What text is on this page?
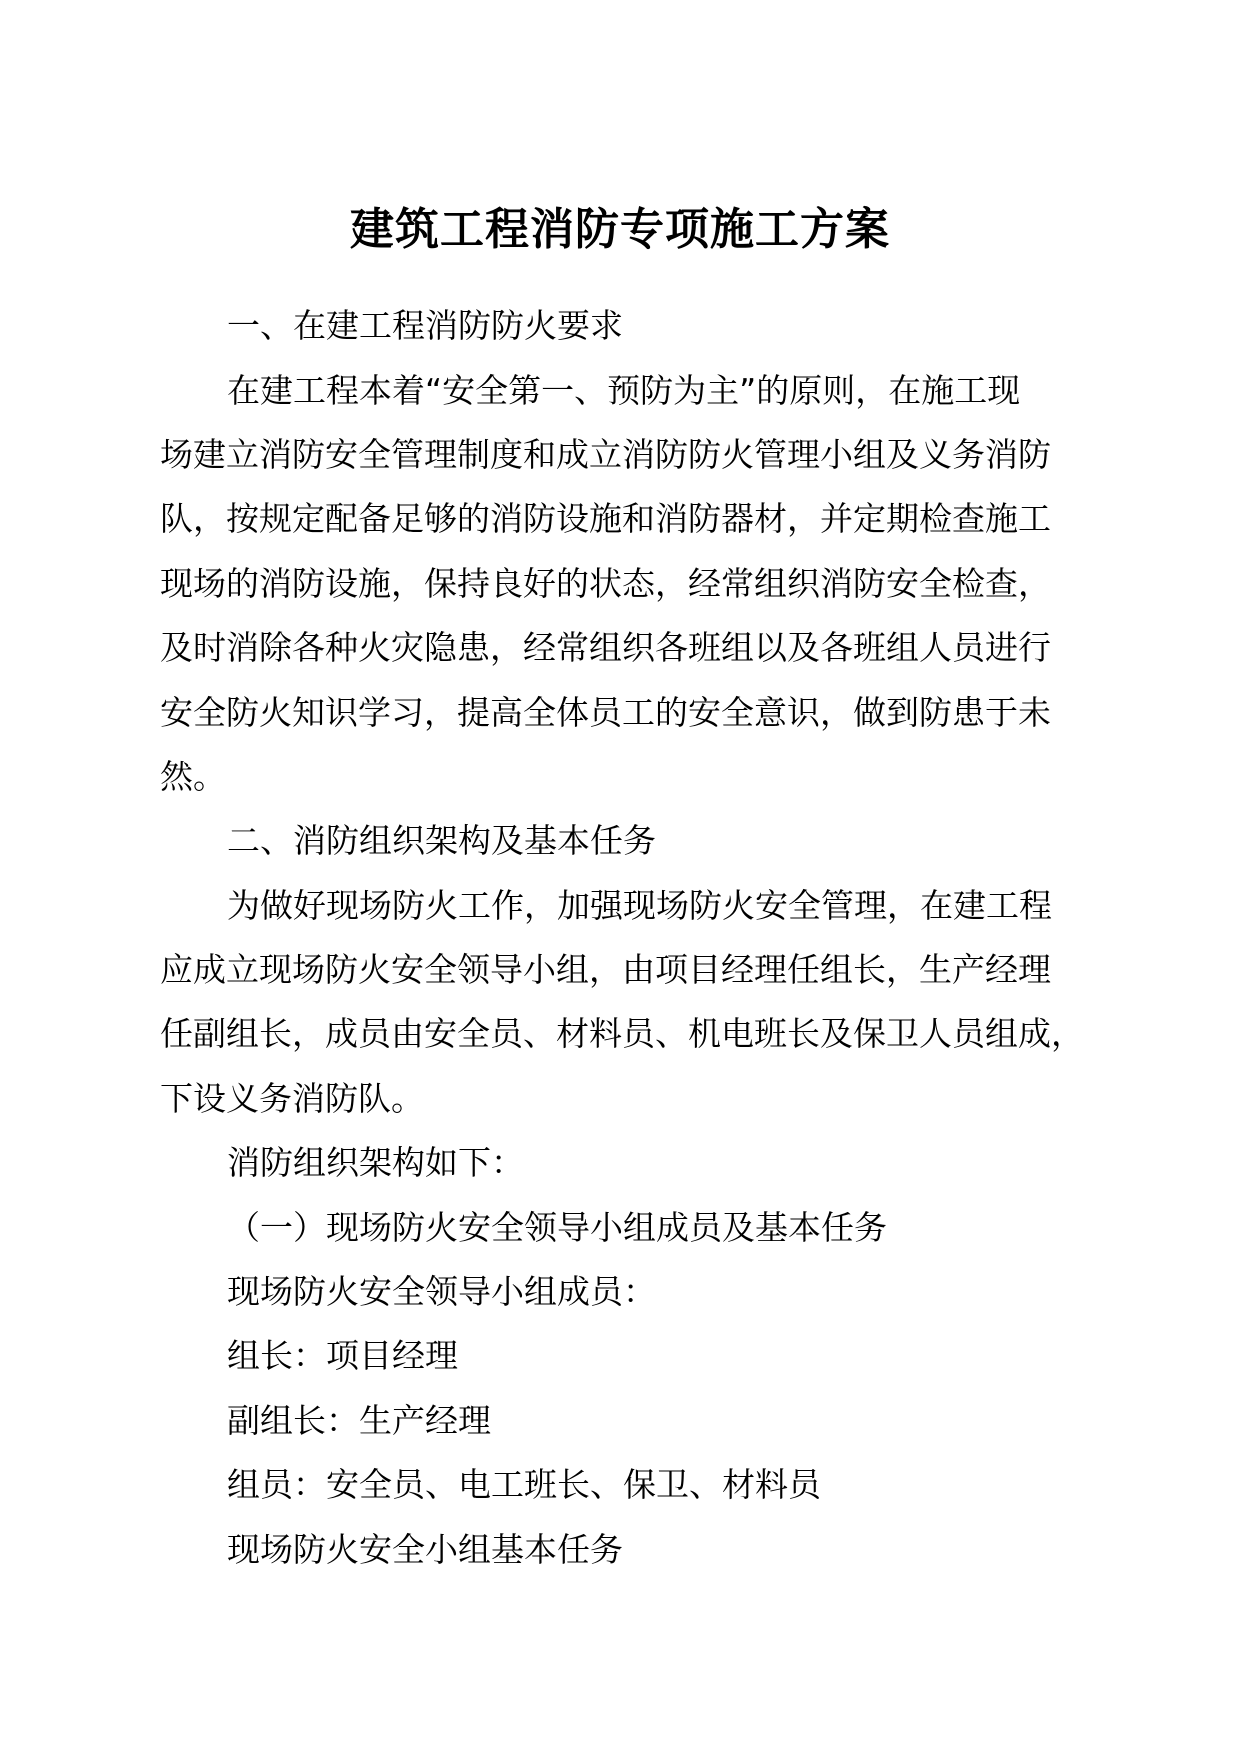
建筑工程消防专项施工方案
一、在建工程消防防火要求
在建工程本着“安全第一、预防为主”的原则，在施工现
场建立消防安全管理制度和成立消防防火管理小组及义务消防
队，按规定配备足够的消防设施和消防器材，并定期检查施工
现场的消防设施，保持良好的状态，经常组织消防安全检查，
及时消除各种火灾隐患，经常组织各班组以及各班组人员进行
安全防火知识学习，提高全体员工的安全意识，做到防患于未
然。
二、消防组织架构及基本任务
为做好现场防火工作，加强现场防火安全管理，在建工程
应成立现场防火安全领导小组，由项目经理任组长，生产经理
任副组长，成员由安全员、材料员、机电班长及保卫人员组成，
下设义务消防队。
消防组织架构如下：
（一）现场防火安全领导小组成员及基本任务
现场防火安全领导小组成员：
组长：项目经理
副组长：生产经理
组员：安全员、电工班长、保卫、材料员
现场防火安全小组基本任务
